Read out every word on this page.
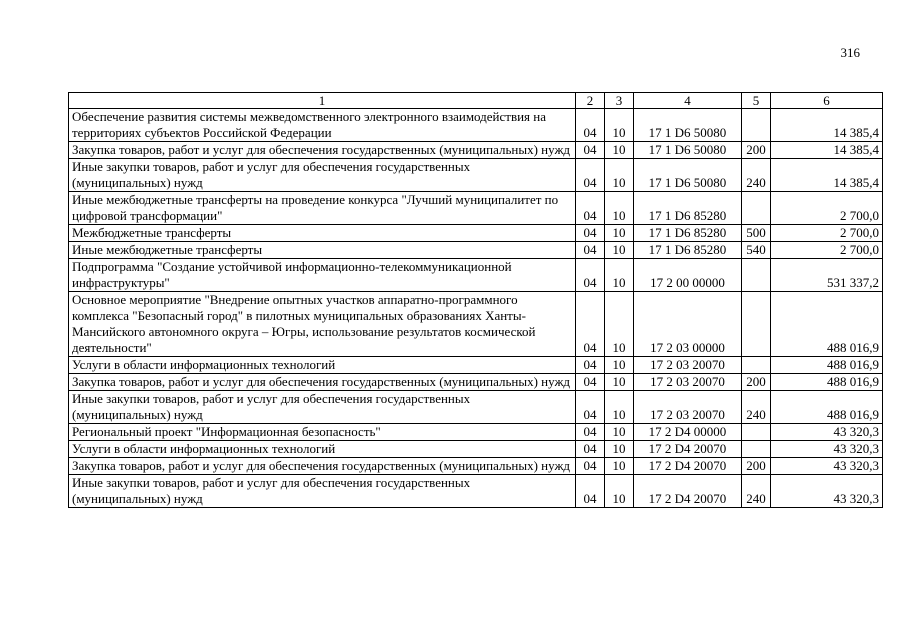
316
1	2	3	4	5	6
Обеспечение развития системы межведомственного электронного взаимодействия на территориях субъектов Российской Федерации	04	10	17 1 D6 50080		14 385,4
Закупка товаров, работ и услуг для обеспечения государственных (муниципальных) нужд	04	10	17 1 D6 50080	200	14 385,4
Иные закупки товаров, работ и услуг для обеспечения государственных (муниципальных) нужд	04	10	17 1 D6 50080	240	14 385,4
Иные межбюджетные трансферты на проведение конкурса "Лучший муниципалитет по цифровой трансформации"	04	10	17 1 D6 85280		2 700,0
Межбюджетные трансферты	04	10	17 1 D6 85280	500	2 700,0
Иные межбюджетные трансферты	04	10	17 1 D6 85280	540	2 700,0
Подпрограмма "Создание устойчивой информационно-телекоммуникационной инфраструктуры"	04	10	17 2 00 00000		531 337,2
Основное мероприятие "Внедрение опытных участков аппаратно-программного комплекса "Безопасный город" в пилотных муниципальных образованиях Ханты-Мансийского автономного округа – Югры, использование результатов космической деятельности"	04	10	17 2 03 00000		488 016,9
Услуги в области информационных технологий	04	10	17 2 03 20070		488 016,9
Закупка товаров, работ и услуг для обеспечения государственных (муниципальных) нужд	04	10	17 2 03 20070	200	488 016,9
Иные закупки товаров, работ и услуг для обеспечения государственных (муниципальных) нужд	04	10	17 2 03 20070	240	488 016,9
Региональный проект "Информационная безопасность"	04	10	17 2 D4 00000		43 320,3
Услуги в области информационных технологий	04	10	17 2 D4 20070		43 320,3
Закупка товаров, работ и услуг для обеспечения государственных (муниципальных) нужд	04	10	17 2 D4 20070	200	43 320,3
Иные закупки товаров, работ и услуг для обеспечения государственных (муниципальных) нужд	04	10	17 2 D4 20070	240	43 320,3
